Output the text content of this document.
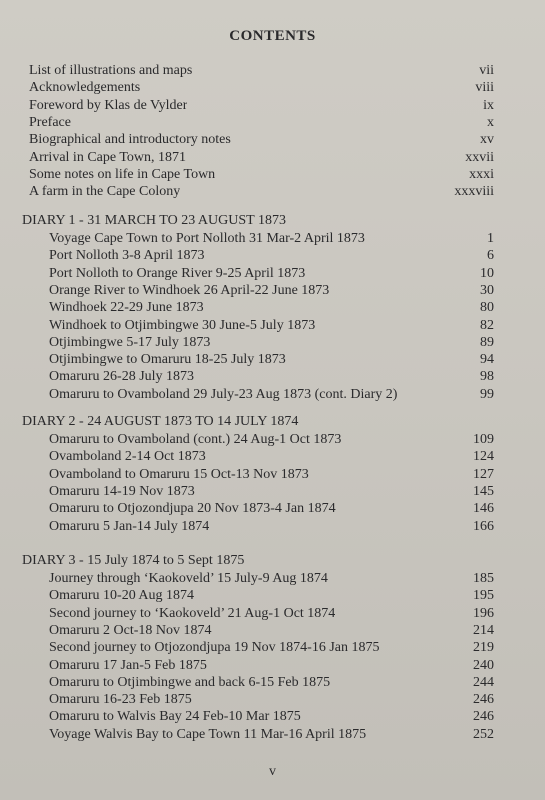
CONTENTS
List of illustrations and maps	vii
Acknowledgements	viii
Foreword by Klas de Vylder	ix
Preface	x
Biographical and introductory notes	xv
Arrival in Cape Town, 1871	xxvii
Some notes on life in Cape Town	xxxi
A farm in the Cape Colony	xxxviii
DIARY 1 - 31 MARCH TO 23 AUGUST 1873
Voyage Cape Town to Port Nolloth 31 Mar-2 April 1873	1
Port Nolloth 3-8 April 1873	6
Port Nolloth to Orange River 9-25 April 1873	10
Orange River to Windhoek 26 April-22 June 1873	30
Windhoek 22-29 June 1873	80
Windhoek to Otjimbingwe 30 June-5 July 1873	82
Otjimbingwe 5-17 July 1873	89
Otjimbingwe to Omaruru 18-25 July 1873	94
Omaruru 26-28 July 1873	98
Omaruru to Ovamboland 29 July-23 Aug 1873 (cont. Diary 2)	99
DIARY 2 - 24 AUGUST 1873 TO 14 JULY 1874
Omaruru to Ovamboland (cont.) 24 Aug-1 Oct 1873	109
Ovamboland 2-14 Oct 1873	124
Ovamboland to Omaruru 15 Oct-13 Nov 1873	127
Omaruru 14-19 Nov 1873	145
Omaruru to Otjozondjupa 20 Nov 1873-4 Jan 1874	146
Omaruru 5 Jan-14 July 1874	166
DIARY 3 - 15 July 1874 to 5 Sept 1875
Journey through ‘Kaokoveld’ 15 July-9 Aug 1874	185
Omaruru 10-20 Aug 1874	195
Second journey to ‘Kaokoveld’ 21 Aug-1 Oct 1874	196
Omaruru 2 Oct-18 Nov 1874	214
Second journey to Otjozondjupa 19 Nov 1874-16 Jan 1875	219
Omaruru 17 Jan-5 Feb 1875	240
Omaruru to Otjimbingwe and back 6-15 Feb 1875	244
Omaruru 16-23 Feb 1875	246
Omaruru to Walvis Bay 24 Feb-10 Mar 1875	246
Voyage Walvis Bay to Cape Town 11 Mar-16 April 1875	252
v
